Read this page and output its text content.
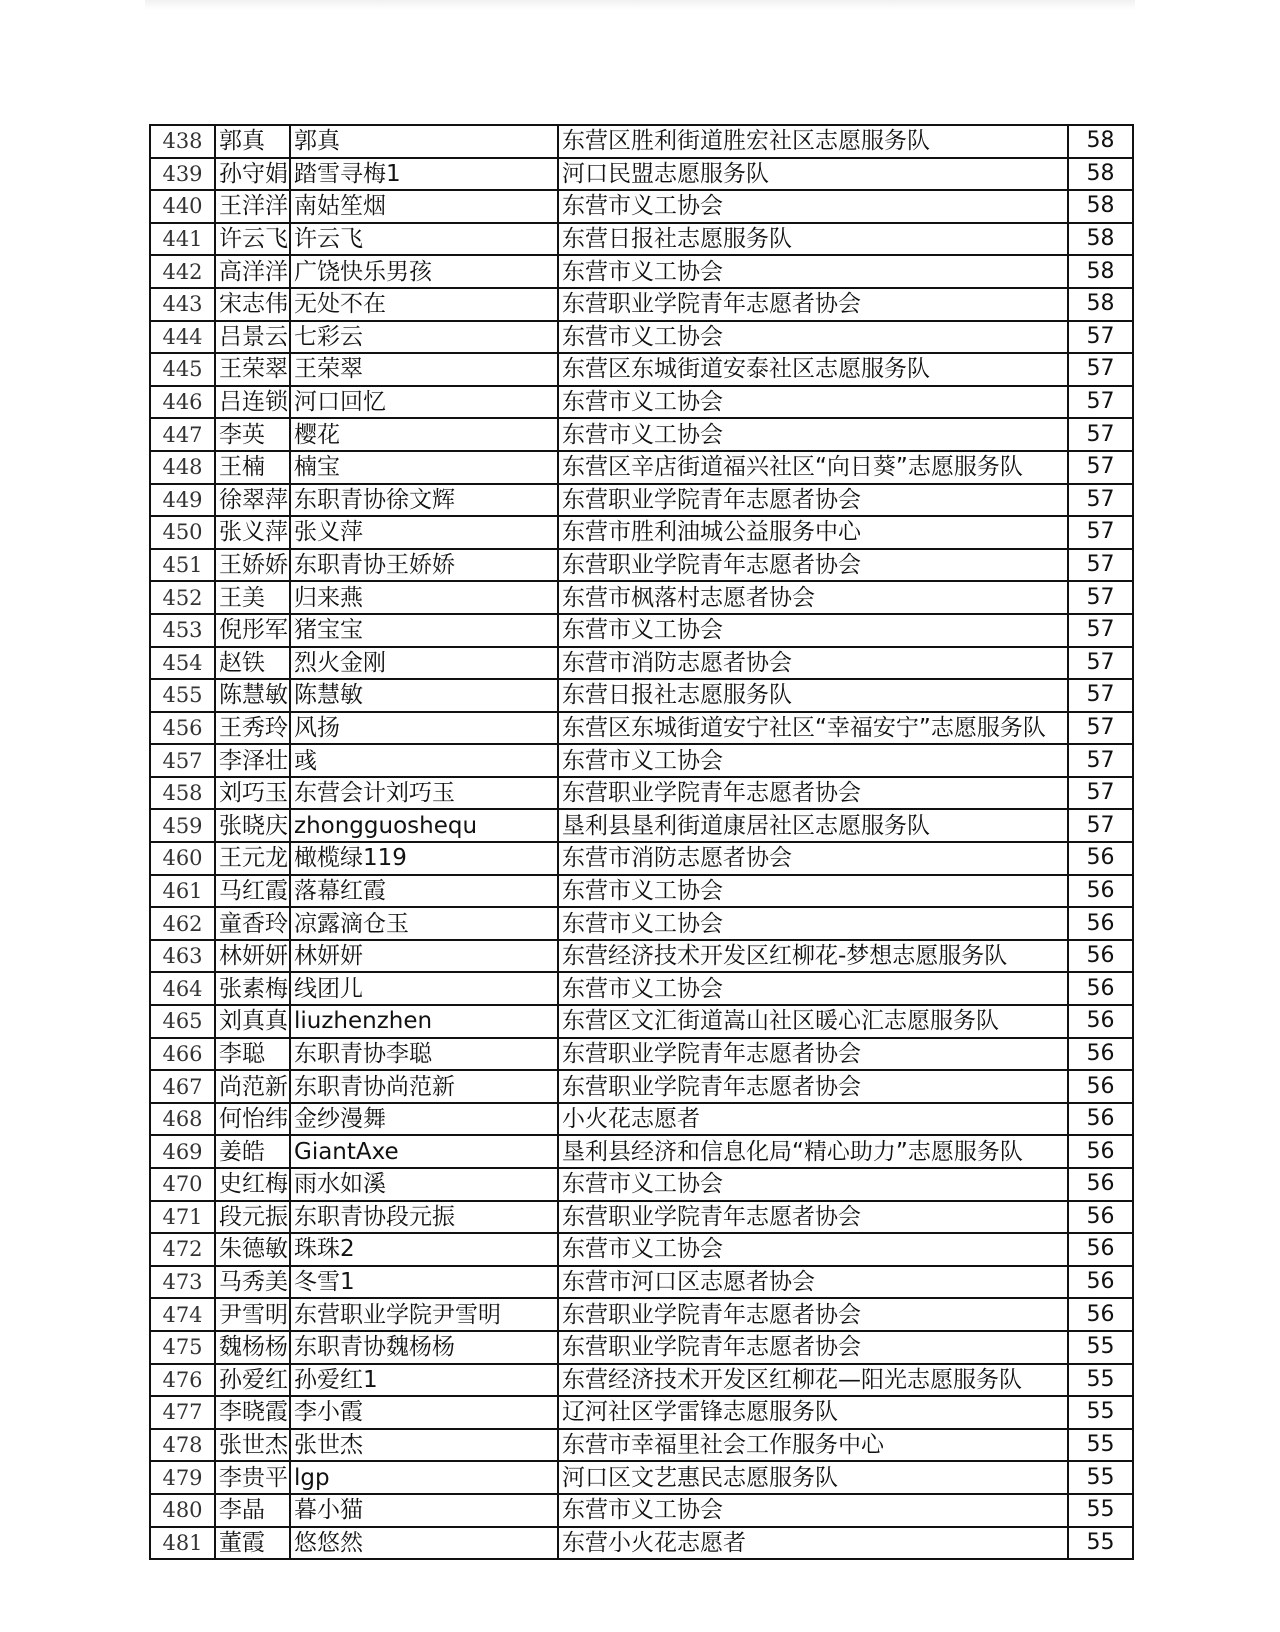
438	郭真	郭真	东营区胜利街道胜宏社区志愿服务队	58
439	孙守娟	踏雪寻梅1	河口民盟志愿服务队	58
440	王洋洋	南姑笙烟	东营市义工协会	58
441	许云飞	许云飞	东营日报社志愿服务队	58
442	高洋洋	广饶快乐男孩	东营市义工协会	58
443	宋志伟	无处不在	东营职业学院青年志愿者协会	58
444	吕景云	七彩云	东营市义工协会	57
445	王荣翠	王荣翠	东营区东城街道安泰社区志愿服务队	57
446	吕连锁	河口回忆	东营市义工协会	57
447	李英	樱花	东营市义工协会	57
448	王楠	楠宝	东营区辛店街道福兴社区“向日葵”志愿服务队	57
449	徐翠萍	东职青协徐文辉	东营职业学院青年志愿者协会	57
450	张义萍	张义萍	东营市胜利油城公益服务中心	57
451	王娇娇	东职青协王娇娇	东营职业学院青年志愿者协会	57
452	王美	归来燕	东营市枫落村志愿者协会	57
453	倪彤军	猪宝宝	东营市义工协会	57
454	赵铁	烈火金刚	东营市消防志愿者协会	57
455	陈慧敏	陈慧敏	东营日报社志愿服务队	57
456	王秀玲	风扬	东营区东城街道安宁社区“幸福安宁”志愿服务队	57
457	李泽壮	彧	东营市义工协会	57
458	刘巧玉	东营会计刘巧玉	东营职业学院青年志愿者协会	57
459	张晓庆	zhongguoshequ	垦利县垦利街道康居社区志愿服务队	57
460	王元龙	橄榄绿119	东营市消防志愿者协会	56
461	马红霞	落幕红霞	东营市义工协会	56
462	童香玲	凉露滴仓玉	东营市义工协会	56
463	林妍妍	林妍妍	东营经济技术开发区红柳花-梦想志愿服务队	56
464	张素梅	线团儿	东营市义工协会	56
465	刘真真	liuzhenzhen	东营区文汇街道嵩山社区暖心汇志愿服务队	56
466	李聪	东职青协李聪	东营职业学院青年志愿者协会	56
467	尚范新	东职青协尚范新	东营职业学院青年志愿者协会	56
468	何怡纬	金纱漫舞	小火花志愿者	56
469	姜皓	GiantAxe	垦利县经济和信息化局“精心助力”志愿服务队	56
470	史红梅	雨水如溪	东营市义工协会	56
471	段元振	东职青协段元振	东营职业学院青年志愿者协会	56
472	朱德敏	珠珠2	东营市义工协会	56
473	马秀美	冬雪1	东营市河口区志愿者协会	56
474	尹雪明	东营职业学院尹雪明	东营职业学院青年志愿者协会	56
475	魏杨杨	东职青协魏杨杨	东营职业学院青年志愿者协会	55
476	孙爱红	孙爱红1	东营经济技术开发区红柳花—阳光志愿服务队	55
477	李晓霞	李小霞	辽河社区学雷锋志愿服务队	55
478	张世杰	张世杰	东营市幸福里社会工作服务中心	55
479	李贵平	lgp	河口区文艺惠民志愿服务队	55
480	李晶	暮小猫	东营市义工协会	55
481	董霞	悠悠然	东营小火花志愿者	55
